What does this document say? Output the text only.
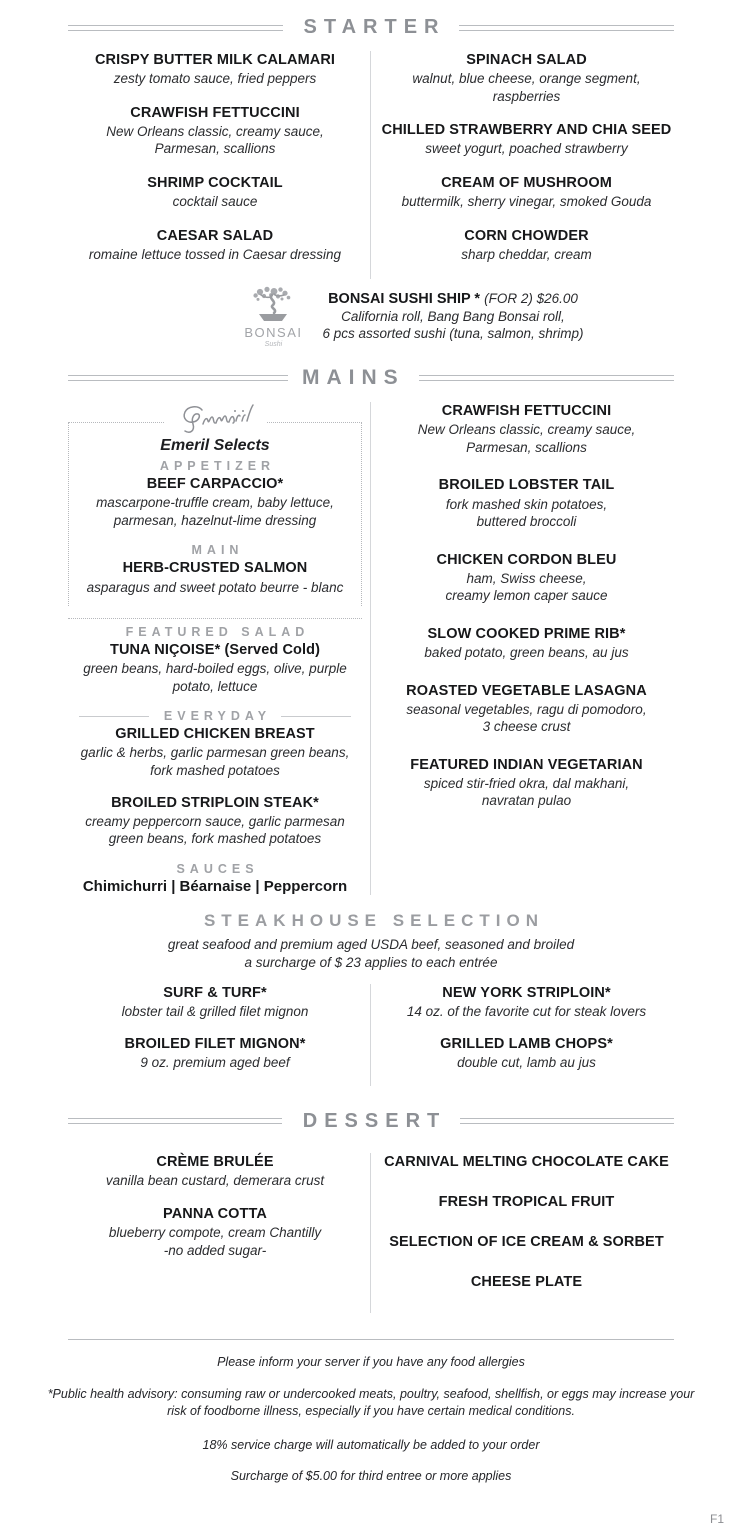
STARTER
CRISPY BUTTER MILK CALAMARI
zesty tomato sauce, fried peppers
CRAWFISH FETTUCCINI
New Orleans classic, creamy sauce,
Parmesan, scallions
SHRIMP COCKTAIL
cocktail sauce
CAESAR SALAD
romaine lettuce tossed in Caesar dressing
SPINACH SALAD
walnut, blue cheese, orange segment,
raspberries
CHILLED STRAWBERRY AND CHIA SEED
sweet yogurt, poached strawberry
CREAM OF MUSHROOM
buttermilk, sherry vinegar, smoked Gouda
CORN CHOWDER
sharp cheddar, cream
BONSAI
Sushi
BONSAI SUSHI SHIP * (FOR 2) $26.00
California roll, Bang Bang Bonsai roll,
6 pcs assorted sushi (tuna, salmon, shrimp)
MAINS
Emeril Selects
APPETIZER
BEEF CARPACCIO*
mascarpone-truffle cream, baby lettuce,
parmesan, hazelnut-lime dressing
MAIN
HERB-CRUSTED SALMON
asparagus and sweet potato beurre - blanc
FEATURED SALAD
TUNA NIÇOISE* (Served Cold)
green beans, hard-boiled eggs, olive, purple
potato, lettuce
EVERYDAY
GRILLED CHICKEN BREAST
garlic & herbs, garlic parmesan green beans,
fork mashed potatoes
BROILED STRIPLOIN STEAK*
creamy peppercorn sauce, garlic parmesan
green beans, fork mashed potatoes
SAUCES
Chimichurri | Béarnaise | Peppercorn
CRAWFISH FETTUCCINI
New Orleans classic, creamy sauce,
Parmesan, scallions
BROILED LOBSTER TAIL
fork mashed skin potatoes,
buttered broccoli
CHICKEN CORDON BLEU
ham, Swiss cheese,
creamy lemon caper sauce
SLOW COOKED PRIME RIB*
baked potato, green beans, au jus
ROASTED VEGETABLE LASAGNA
seasonal vegetables, ragu di pomodoro,
3 cheese crust
FEATURED INDIAN VEGETARIAN
spiced stir-fried okra, dal makhani,
navratan pulao
STEAKHOUSE SELECTION
great seafood and premium aged USDA beef, seasoned and broiled
a surcharge of $ 23 applies to each entrée
SURF & TURF*
lobster tail & grilled filet mignon
BROILED FILET MIGNON*
9 oz. premium aged beef
NEW YORK STRIPLOIN*
14 oz. of the favorite cut for steak lovers
GRILLED LAMB CHOPS*
double cut, lamb au jus
DESSERT
CRÈME BRULÉE
vanilla bean custard, demerara crust
PANNA COTTA
blueberry compote, cream Chantilly
-no added sugar-
CARNIVAL MELTING CHOCOLATE CAKE
FRESH TROPICAL FRUIT
SELECTION OF ICE CREAM & SORBET
CHEESE PLATE
Please inform your server if you have any food allergies
*Public health advisory: consuming raw or undercooked meats, poultry, seafood, shellfish, or eggs may increase your risk of foodborne illness, especially if you have certain medical conditions.
18% service charge will automatically be added to your order
Surcharge of $5.00 for third entree or more applies
F1
